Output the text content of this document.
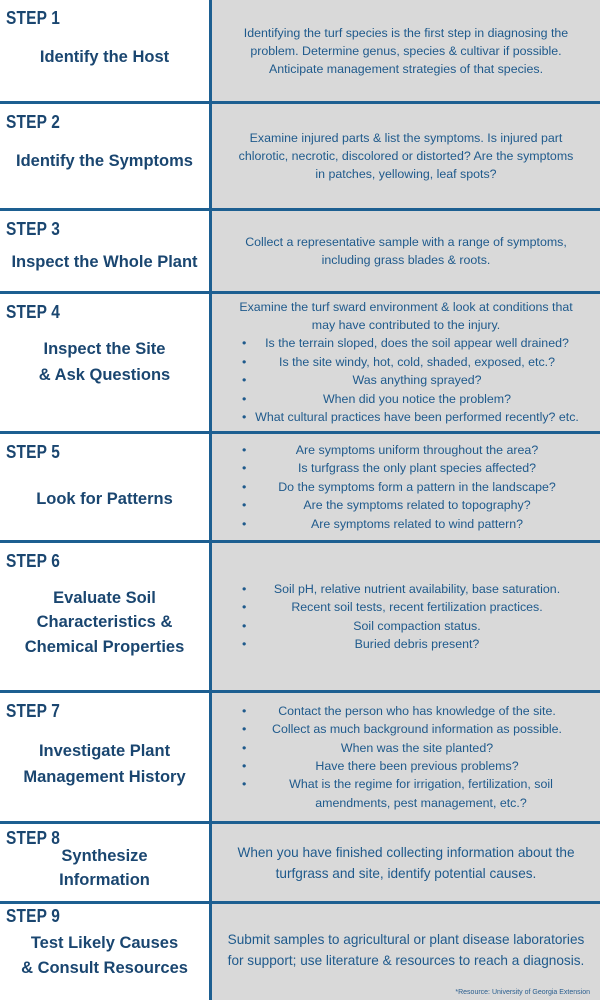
STEP 1
Identify the Host
Identifying the turf species is the first step in diagnosing the problem. Determine genus, species & cultivar if possible. Anticipate management strategies of that species.
STEP 2
Identify the Symptoms
Examine injured parts & list the symptoms. Is injured part chlorotic, necrotic, discolored or distorted? Are the symptoms in patches, yellowing, leaf spots?
STEP 3
Inspect the Whole Plant
Collect a representative sample with a range of symptoms, including grass blades & roots.
STEP 4
Inspect the Site
& Ask Questions
Examine the turf sward environment & look at conditions that may have contributed to the injury.
• Is the terrain sloped, does the soil appear well drained?
• Is the site windy, hot, cold, shaded, exposed, etc.?
• Was anything sprayed?
• When did you notice the problem?
• What cultural practices have been performed recently? etc.
STEP 5
Look for Patterns
• Are symptoms uniform throughout the area?
• Is turfgrass the only plant species affected?
• Do the symptoms form a pattern in the landscape?
• Are the symptoms related to topography?
• Are symptoms related to wind pattern?
STEP 6
Evaluate Soil
Characteristics &
Chemical Properties
• Soil pH, relative nutrient availability, base saturation.
• Recent soil tests, recent fertilization practices.
• Soil compaction status.
• Buried debris present?
STEP 7
Investigate Plant
Management History
• Contact the person who has knowledge of the site.
• Collect as much background information as possible.
• When was the site planted?
• Have there been previous problems?
• What is the regime for irrigation, fertilization, soil amendments, pest management, etc.?
STEP 8
Synthesize
Information
When you have finished collecting information about the turfgrass and site, identify potential causes.
STEP 9
Test Likely Causes
& Consult Resources
Submit samples to agricultural or plant disease laboratories for support; use literature & resources to reach a diagnosis.
*Resource: University of Georgia Extension
